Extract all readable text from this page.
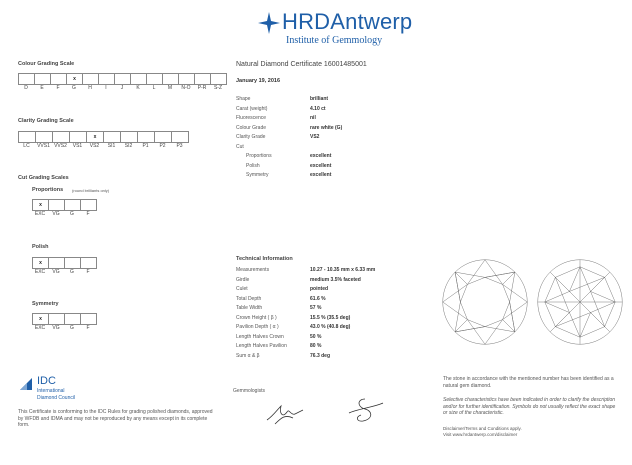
HRDAntwerp
Institute of Gemmology
Colour Grading Scale
x
D	E	F	G	H	I	J	K	L	M	N-O	P-R	S-Z
Clarity Grading Scale
x
LC	VVS1 VVS2	VS1	VS2	SI1	SI2	P1	P2	P3
Cut Grading Scales
Proportions (round brilliants only)
x
EXC	VG	G	F
Polish
x
EXC	VG	G	F
Symmetry
x
EXC	VG	G	F
Natural Diamond Certificate 16001485001
January 19, 2016
Shape	brilliant
Carat (weight)	4.10 ct
Fluorescence	nil
Colour Grade	rare white (G)
Clarity Grade	VS2
Cut
Proportions	excellent
Polish	excellent
Symmetry	excellent
Technical Information
Measurements	10.27 - 10.35 mm x 6.33 mm
Girdle	medium 3.5% faceted
Culet	pointed
Total Depth	61.6 %
Table Width	57 %
Crown Height ( β )	15.5 % (35.5 deg)
Pavilion Depth ( α )	43.0 % (40.8 deg)
Length Halves Crown	50 %
Length Halves Pavilion	80 %
Sum α & β	76.3 deg
IDC
International
Diamond Council
This Certificate is conforming to the IDC Rules for grading polished diamonds, approved by WFDB and IDMA and may not be reproduced by any means except in its complete form.
Gemmologists
The stone in accordance with the mentioned number has been identified as a natural gem diamond.
Selective characteristics have been indicated in order to clarify the description and/or for further identification. Symbols do not usually reflect the exact shape or size of the characteristic.
Disclaimer/Terms and Conditions apply.
Visit www.hrdantwerp.com/disclaimer
